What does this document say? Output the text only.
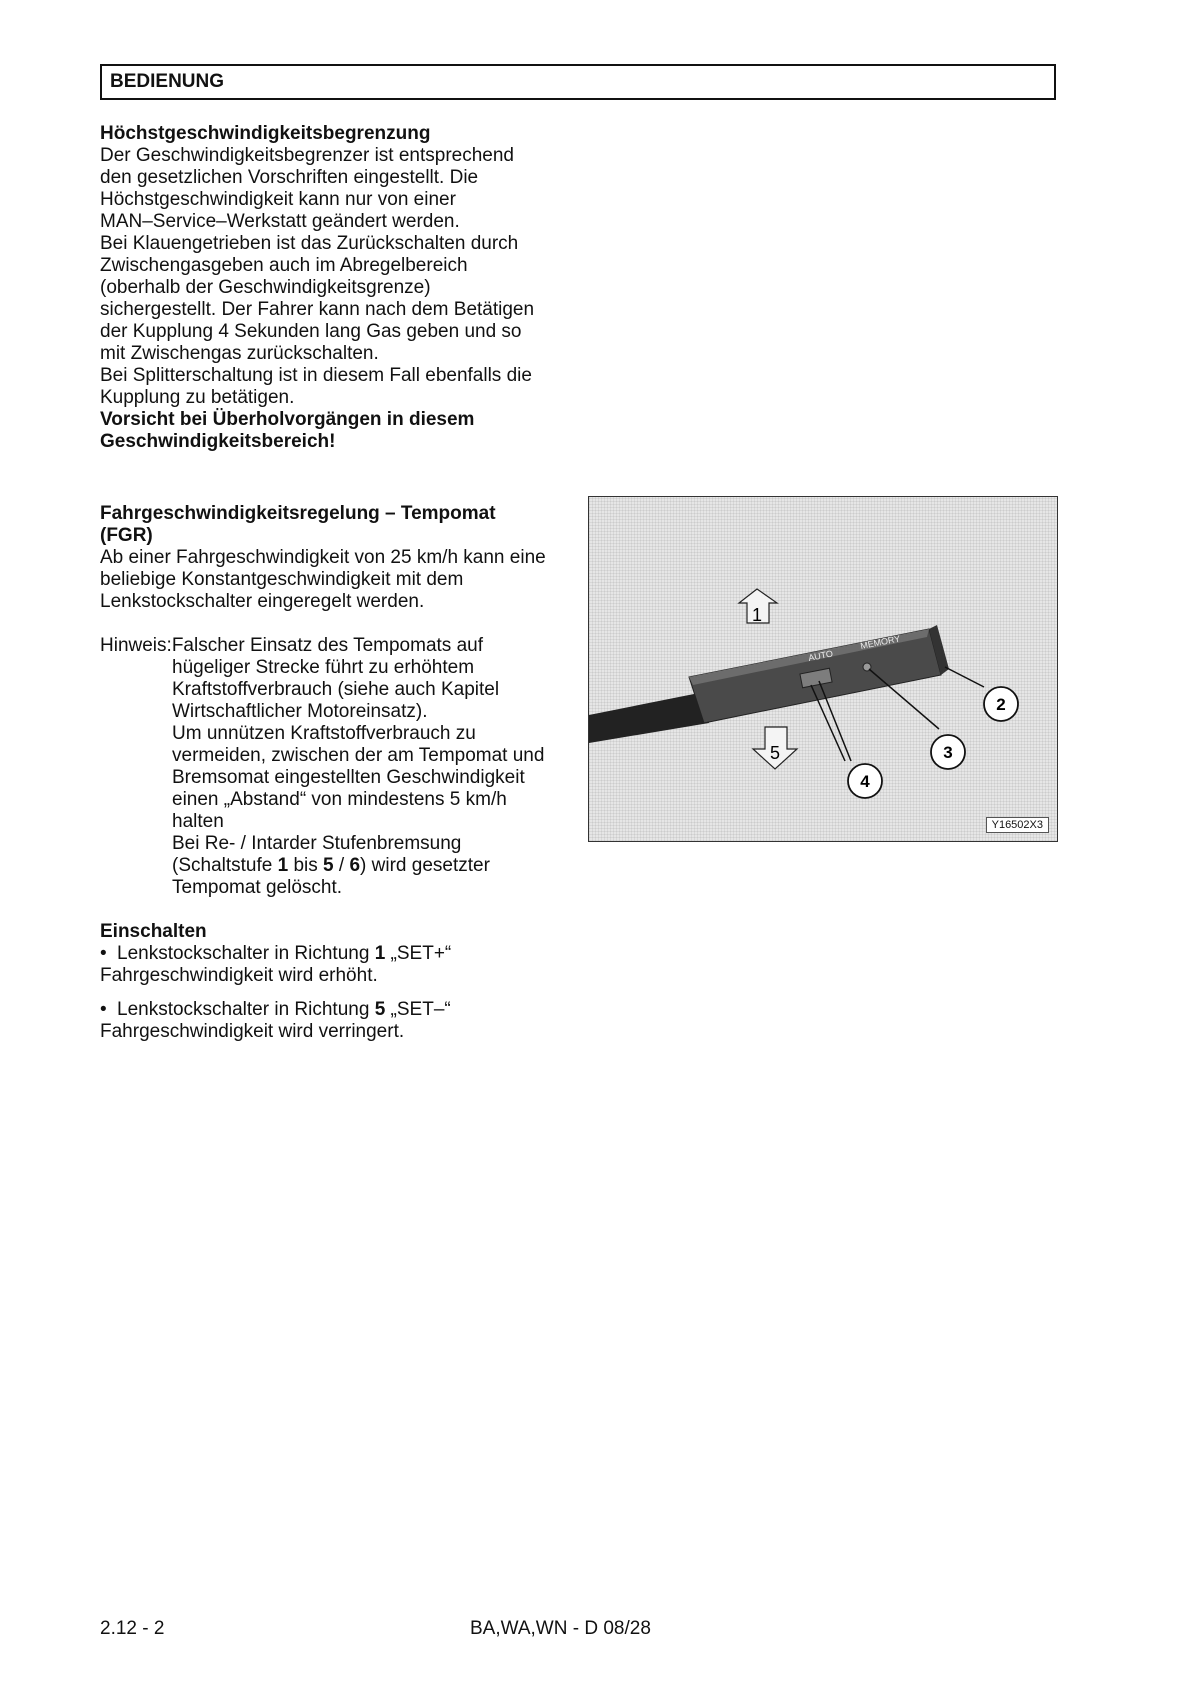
BEDIENUNG
Höchstgeschwindigkeitsbegrenzung
Der Geschwindigkeitsbegrenzer ist entsprechend
den gesetzlichen Vorschriften eingestellt. Die
Höchstgeschwindigkeit kann nur von einer
MAN–Service–Werkstatt geändert werden.
Bei Klauengetrieben ist das Zurückschalten durch
Zwischengasgeben auch im Abregelbereich
(oberhalb der Geschwindigkeitsgrenze)
sichergestellt. Der Fahrer kann nach dem Betätigen
der Kupplung 4 Sekunden lang Gas geben und so
mit Zwischengas zurückschalten.
Bei Splitterschaltung ist in diesem Fall ebenfalls die
Kupplung zu betätigen.
Vorsicht bei Überholvorgängen in diesem
Geschwindigkeitsbereich!
Fahrgeschwindigkeitsregelung – Tempomat
(FGR)
Ab einer Fahrgeschwindigkeit von 25 km/h kann eine
beliebige Konstantgeschwindigkeit mit dem
Lenkstockschalter eingeregelt werden.
Hinweis:Falscher Einsatz des Tempomats auf
hügeliger Strecke führt zu erhöhtem
Kraftstoffverbrauch (siehe auch Kapitel
Wirtschaftlicher Motoreinsatz).
Um unnützen Kraftstoffverbrauch zu
vermeiden, zwischen der am Tempomat und
Bremsomat eingestellten Geschwindigkeit
einen „Abstand“ von mindestens 5 km/h
halten
Bei Re- / Intarder Stufenbremsung
(Schaltstufe 1 bis 5 / 6) wird gesetzter
Tempomat gelöscht.
Einschalten
• Lenkstockschalter in Richtung 1 „SET+“
Fahrgeschwindigkeit wird erhöht.
• Lenkstockschalter in Richtung 5 „SET–“
Fahrgeschwindigkeit wird verringert.
AUTO
MEMORY
1
5
2
3
4
Y16502X3
2.12 - 2	BA,WA,WN - D 08/28
